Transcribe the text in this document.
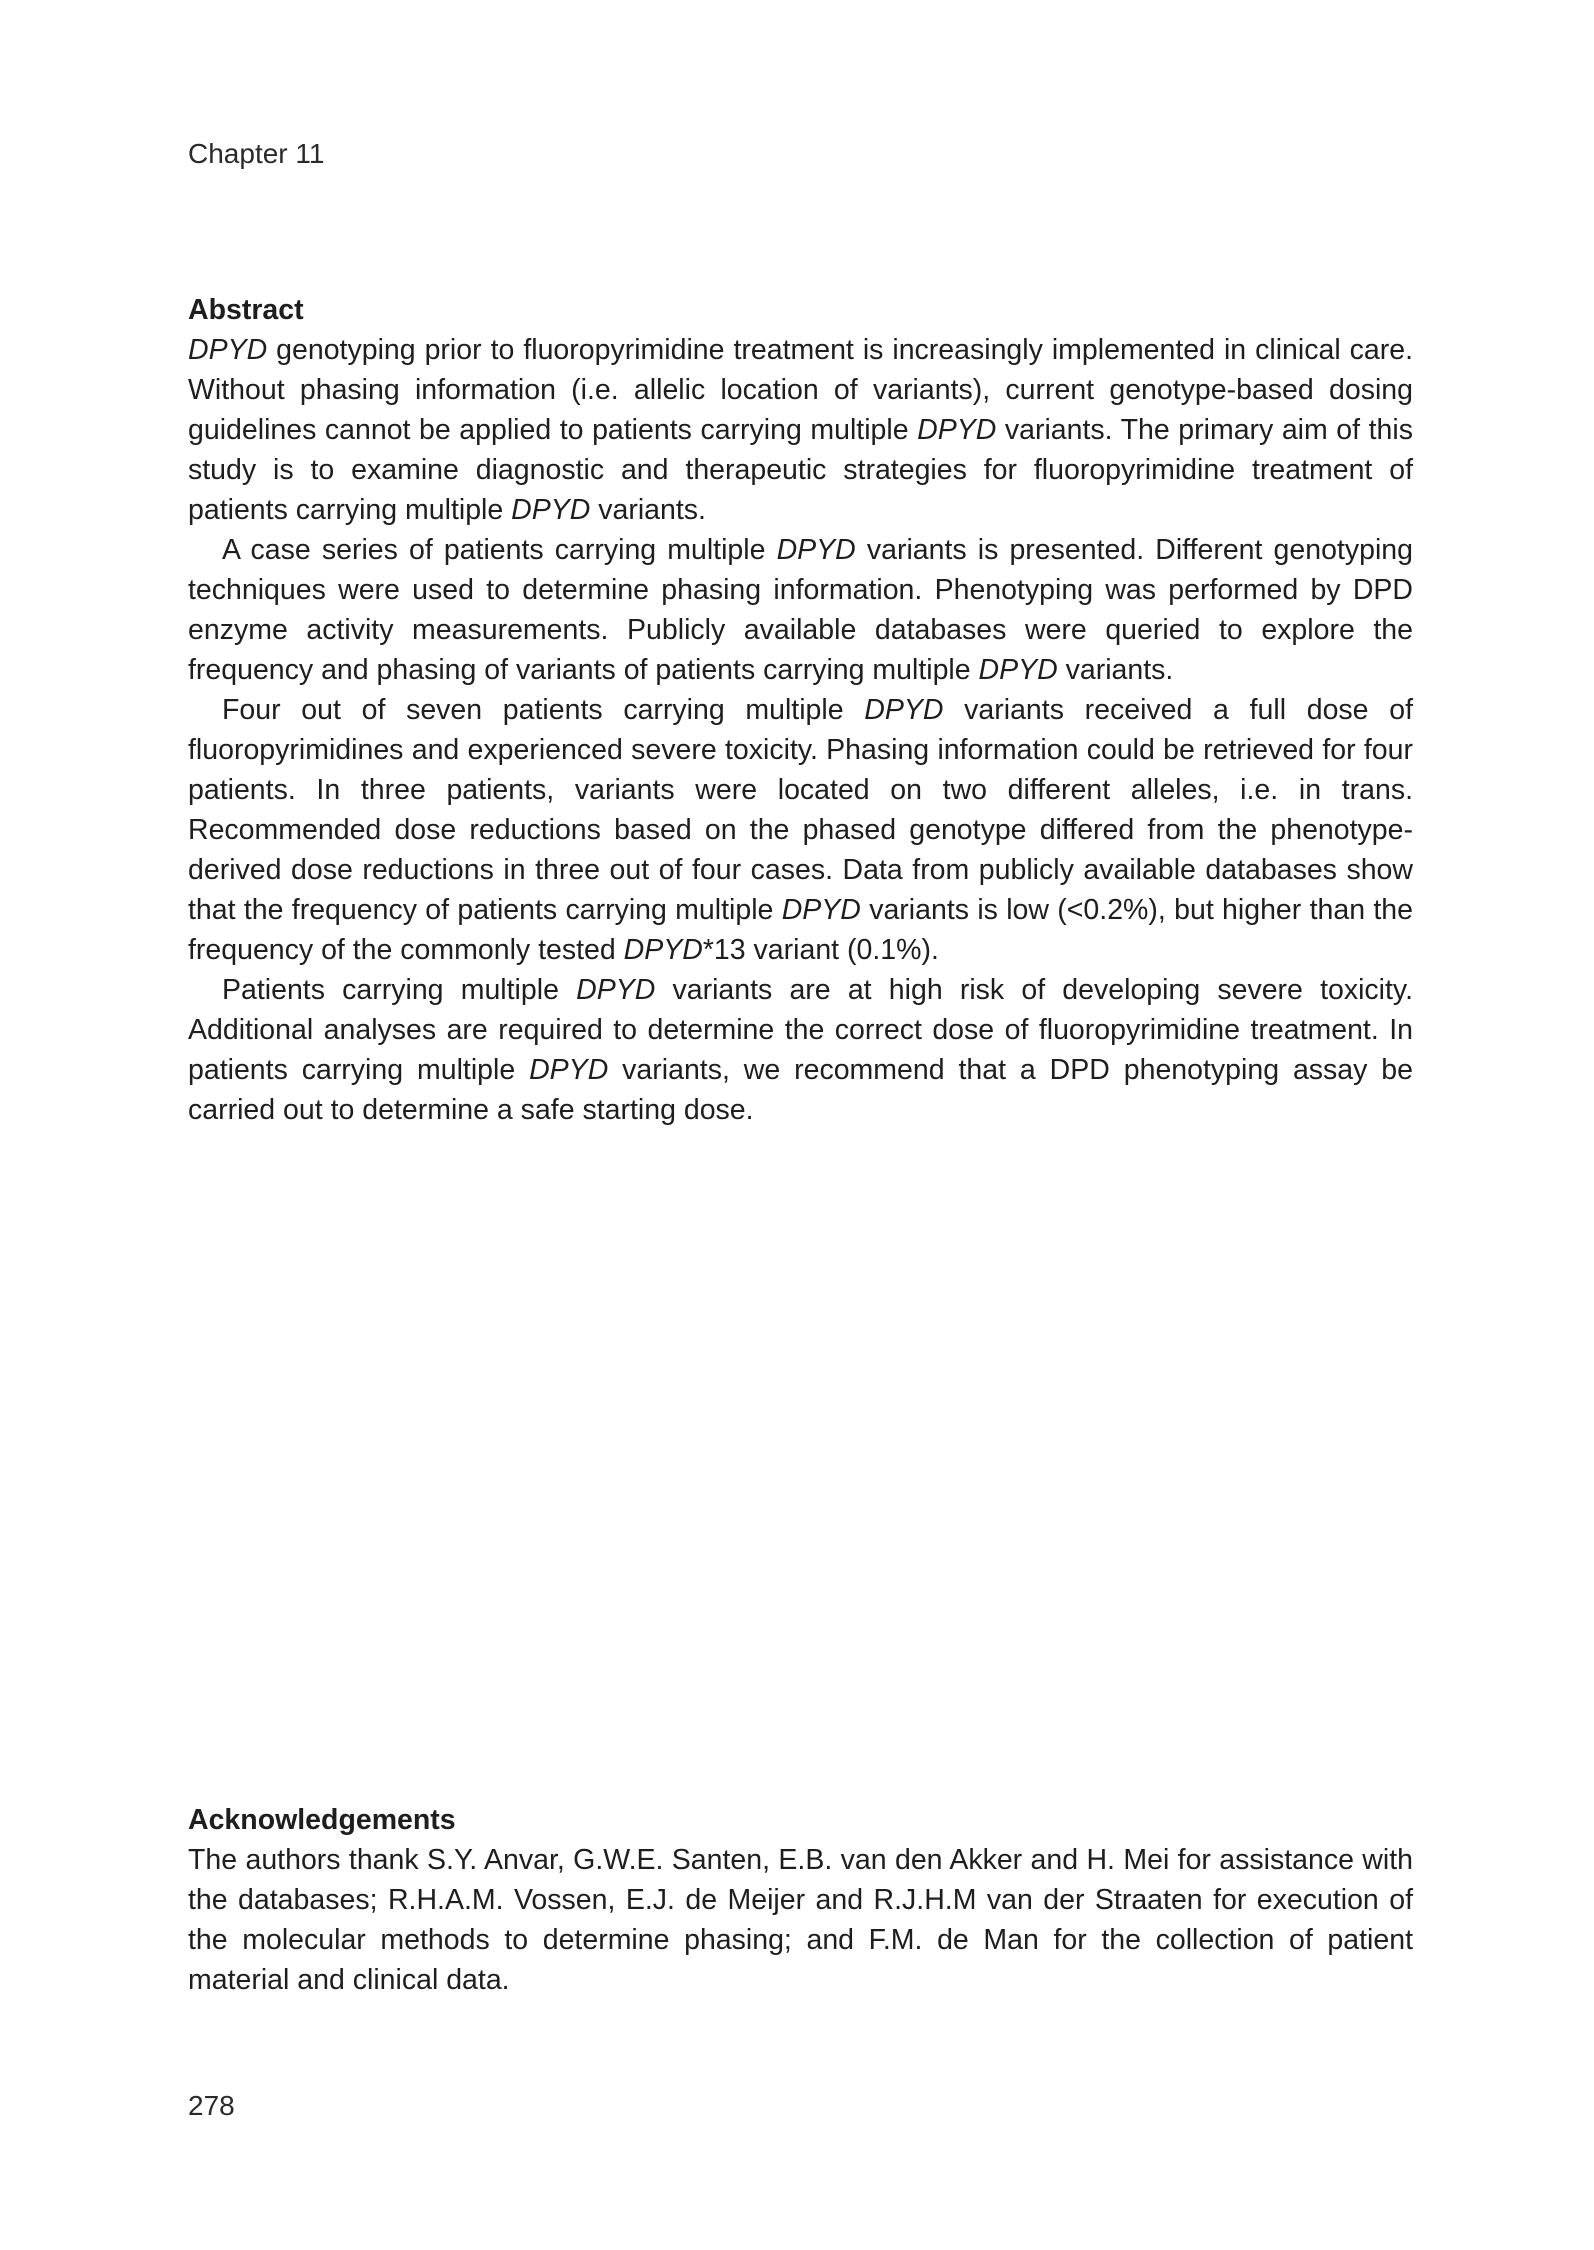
Chapter 11

Abstract

DPYD genotyping prior to fluoropyrimidine treatment is increasingly implemented in clinical care. Without phasing information (i.e. allelic location of variants), current genotype-based dosing guidelines cannot be applied to patients carrying multiple DPYD variants. The primary aim of this study is to examine diagnostic and therapeutic strategies for fluoropyrimidine treatment of patients carrying multiple DPYD variants.

A case series of patients carrying multiple DPYD variants is presented. Different genotyping techniques were used to determine phasing information. Phenotyping was performed by DPD enzyme activity measurements. Publicly available databases were queried to explore the frequency and phasing of variants of patients carrying multiple DPYD variants.

Four out of seven patients carrying multiple DPYD variants received a full dose of fluoropyrimidines and experienced severe toxicity. Phasing information could be retrieved for four patients. In three patients, variants were located on two different alleles, i.e. in trans. Recommended dose reductions based on the phased genotype differed from the phenotype-derived dose reductions in three out of four cases. Data from publicly available databases show that the frequency of patients carrying multiple DPYD variants is low (<0.2%), but higher than the frequency of the commonly tested DPYD*13 variant (0.1%).

Patients carrying multiple DPYD variants are at high risk of developing severe toxicity. Additional analyses are required to determine the correct dose of fluoropyrimidine treatment. In patients carrying multiple DPYD variants, we recommend that a DPD phenotyping assay be carried out to determine a safe starting dose.

Acknowledgements

The authors thank S.Y. Anvar, G.W.E. Santen, E.B. van den Akker and H. Mei for assistance with the databases; R.H.A.M. Vossen, E.J. de Meijer and R.J.H.M van der Straaten for execution of the molecular methods to determine phasing; and F.M. de Man for the collection of patient material and clinical data.

278
